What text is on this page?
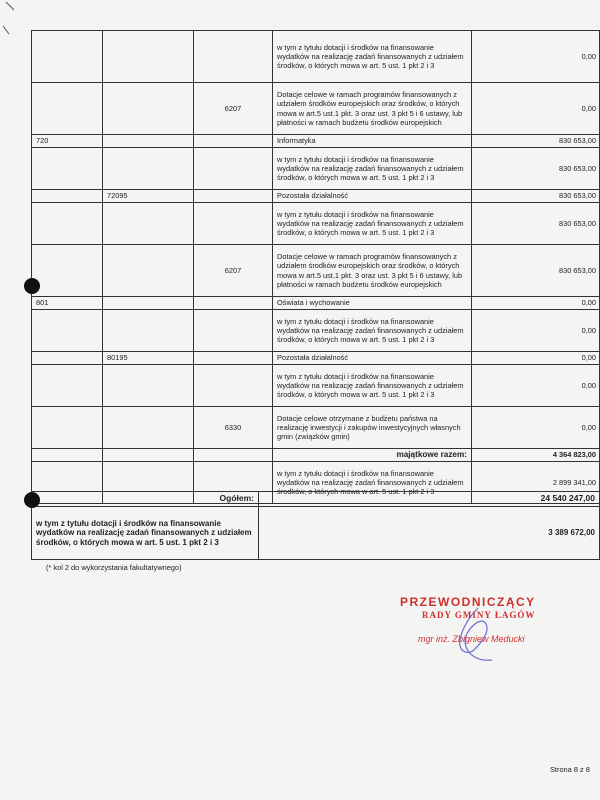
			w tym z tytułu dotacji i środków na finansowanie wydatków na realizację zadań finansowanych z udziałem środków, o których mowa w art. 5 ust. 1 pkt 2 i 3	0,00
		6207	Dotacje celowe w ramach programów finansowanych z udziałem środków europejskich oraz środków, o których mowa w art.5 ust.1 pkt. 3 oraz ust. 3 pkt 5 i 6 ustawy, lub płatności w ramach budżetu środków europejskich	0,00
720			Informatyka	830 653,00
			w tym z tytułu dotacji i środków na finansowanie wydatków na realizację zadań finansowanych z udziałem środków, o których mowa w art. 5 ust. 1 pkt 2 i 3	830 653,00
	72095		Pozostała działalność	830 653,00
			w tym z tytułu dotacji i środków na finansowanie wydatków na realizację zadań finansowanych z udziałem środków, o których mowa w art. 5 ust. 1 pkt 2 i 3	830 653,00
		6207	Dotacje celowe w ramach programów finansowanych z udziałem środków europejskich oraz środków, o których mowa w art.5 ust.1 pkt. 3 oraz ust. 3 pkt 5 i 6 ustawy, lub płatności w ramach budżetu środków europejskich	830 653,00
801			Oświata i wychowanie	0,00
			w tym z tytułu dotacji i środków na finansowanie wydatków na realizację zadań finansowanych z udziałem środków, o których mowa w art. 5 ust. 1 pkt 2 i 3	0,00
	80195		Pozostała działalność	0,00
			w tym z tytułu dotacji i środków na finansowanie wydatków na realizację zadań finansowanych z udziałem środków, o których mowa w art. 5 ust. 1 pkt 2 i 3	0,00
		6330	Dotacje celowe otrzymane z budżetu państwa na realizację inwestycji i zakupów inwestycyjnych własnych gmin (związków gmin)	0,00
			majątkowe razem:	4 364 823,00
			w tym z tytułu dotacji i środków na finansowanie wydatków na realizację zadań finansowanych z udziałem środków, o których mowa w art. 5 ust. 1 pkt 2 i 3	2 899 341,00
Ogółem:	24 540 247,00
w tym z tytułu dotacji i środków na finansowanie wydatków na realizację zadań finansowanych z udziałem środków, o których mowa w art. 5 ust. 1 pkt 2 i 3	3 389 672,00
(* kol 2 do wykorzystania fakultatywnego)
PRZEWODNICZĄCY
RADY GMINY ŁAGÓW
mgr inż. Zbigniew Meducki
Strona 8 z 8
